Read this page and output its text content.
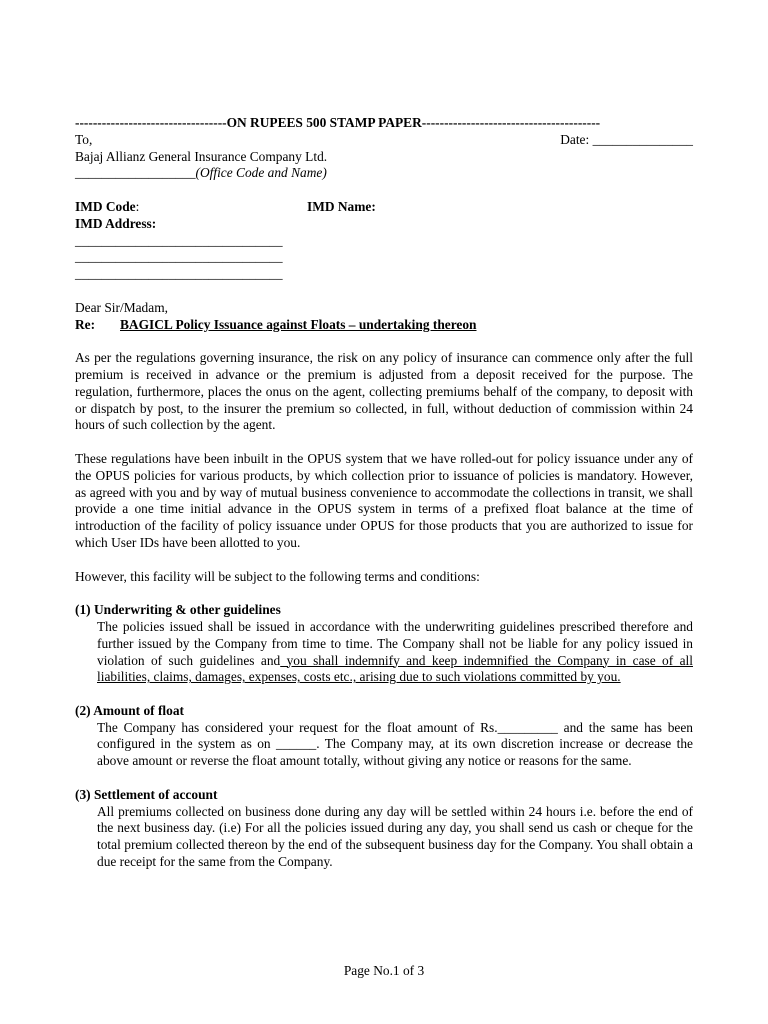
----------------------------------ON RUPEES 500 STAMP PAPER----------------------------------------
To,	Date: _______________
Bajaj Allianz General Insurance Company Ltd.
__________________(Office Code and Name)
IMD Code:	IMD Name:
IMD Address:
_______________________________
_______________________________
_______________________________
Dear Sir/Madam,
Re: BAGICL Policy Issuance against Floats – undertaking thereon
As per the regulations governing insurance, the risk on any policy of insurance can commence only after the full premium is received in advance or the premium is adjusted from a deposit received for the purpose. The regulation, furthermore, places the onus on the agent, collecting premiums behalf of the company, to deposit with or dispatch by post, to the insurer the premium so collected, in full, without deduction of commission within 24 hours of such collection by the agent.
These regulations have been inbuilt in the OPUS system that we have rolled-out for policy issuance under any of the OPUS policies for various products, by which collection prior to issuance of policies is mandatory. However, as agreed with you and by way of mutual business convenience to accommodate the collections in transit, we shall provide a one time initial advance in the OPUS system in terms of a prefixed float balance at the time of introduction of the facility of policy issuance under OPUS for those products that you are authorized to issue for which User IDs have been allotted to you.
However, this facility will be subject to the following terms and conditions:
(1) Underwriting & other guidelines
The policies issued shall be issued in accordance with the underwriting guidelines prescribed therefore and further issued by the Company from time to time. The Company shall not be liable for any policy issued in violation of such guidelines and you shall indemnify and keep indemnified the Company in case of all liabilities, claims, damages, expenses, costs etc., arising due to such violations committed by you.
(2) Amount of float
The Company has considered your request for the float amount of Rs._________ and the same has been configured in the system as on ______. The Company may, at its own discretion increase or decrease the above amount or reverse the float amount totally, without giving any notice or reasons for the same.
(3) Settlement of account
All premiums collected on business done during any day will be settled within 24 hours i.e. before the end of the next business day. (i.e) For all the policies issued during any day, you shall send us cash or cheque for the total premium collected thereon by the end of the subsequent business day for the Company. You shall obtain a due receipt for the same from the Company.
Page No.1 of 3
